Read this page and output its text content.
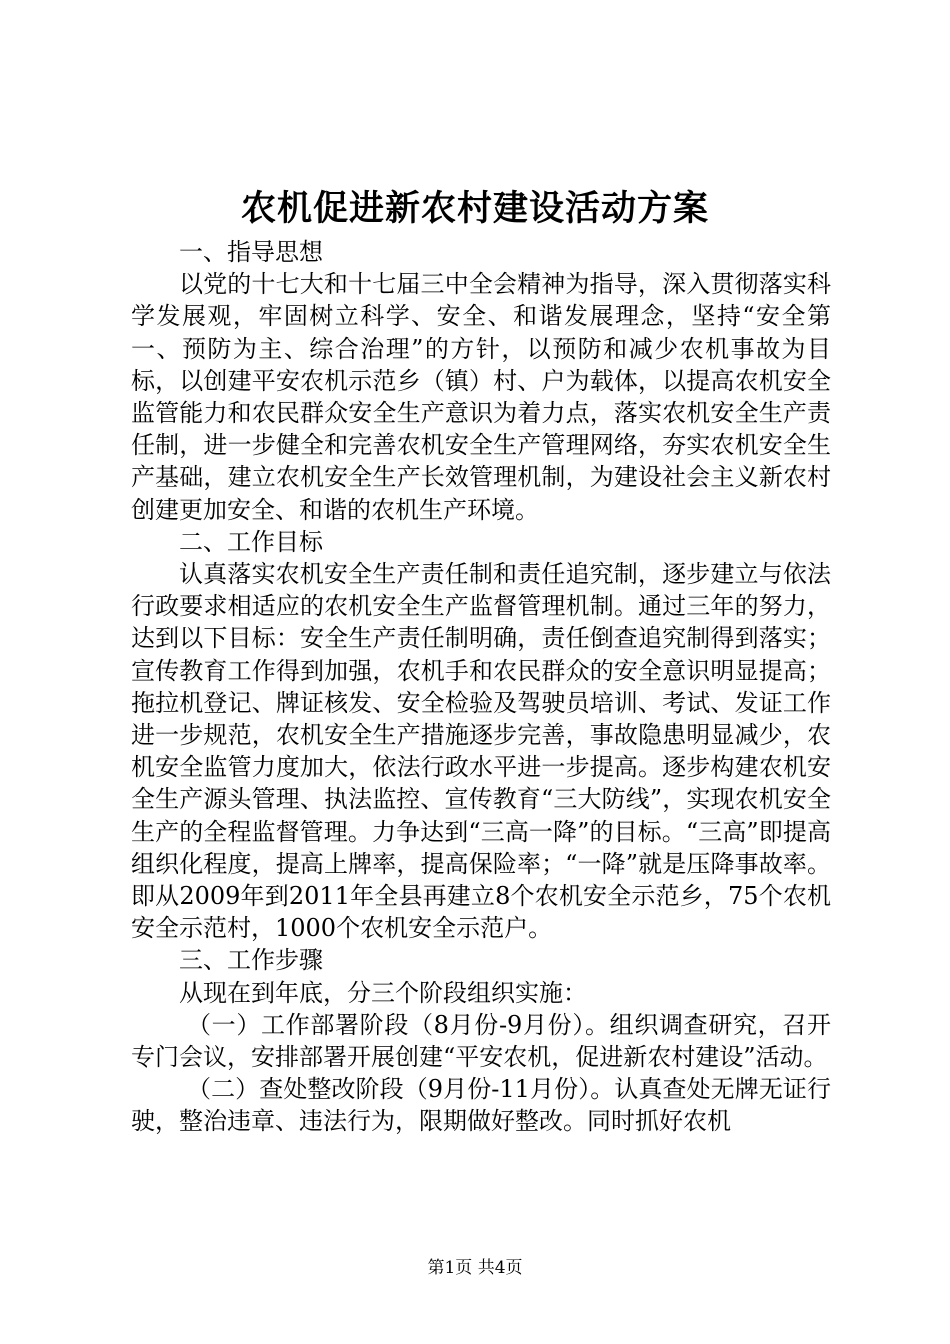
农机促进新农村建设活动方案

一、指导思想

以党的十七大和十七届三中全会精神为指导，深入贯彻落实科学发展观，牢固树立科学、安全、和谐发展理念，坚持“安全第一、预防为主、综合治理”的方针，以预防和减少农机事故为目标，以创建平安农机示范乡（镇）村、户为载体，以提高农机安全监管能力和农民群众安全生产意识为着力点，落实农机安全生产责任制，进一步健全和完善农机安全生产管理网络，夯实农机安全生产基础，建立农机安全生产长效管理机制，为建设社会主义新农村创建更加安全、和谐的农机生产环境。

二、工作目标

认真落实农机安全生产责任制和责任追究制，逐步建立与依法行政要求相适应的农机安全生产监督管理机制。通过三年的努力，达到以下目标：安全生产责任制明确，责任倒查追究制得到落实；宣传教育工作得到加强，农机手和农民群众的安全意识明显提高；拖拉机登记、牌证核发、安全检验及驾驶员培训、考试、发证工作进一步规范，农机安全生产措施逐步完善，事故隐患明显减少，农机安全监管力度加大，依法行政水平进一步提高。逐步构建农机安全生产源头管理、执法监控、宣传教育“三大防线”，实现农机安全生产的全程监督管理。力争达到“三高一降”的目标。“三高”即提高组织化程度，提高上牌率，提高保险率；“一降”就是压降事故率。即从2009年到2011年全县再建立8个农机安全示范乡，75个农机安全示范村，1000个农机安全示范户。

三、工作步骤

从现在到年底，分三个阶段组织实施：

（一）工作部署阶段（8月份-9月份）。组织调查研究，召开专门会议，安排部署开展创建“平安农机，促进新农村建设”活动。

（二）查处整改阶段（9月份-11月份）。认真查处无牌无证行驶，整治违章、违法行为，限期做好整改。同时抓好农机

第1页 共4页
